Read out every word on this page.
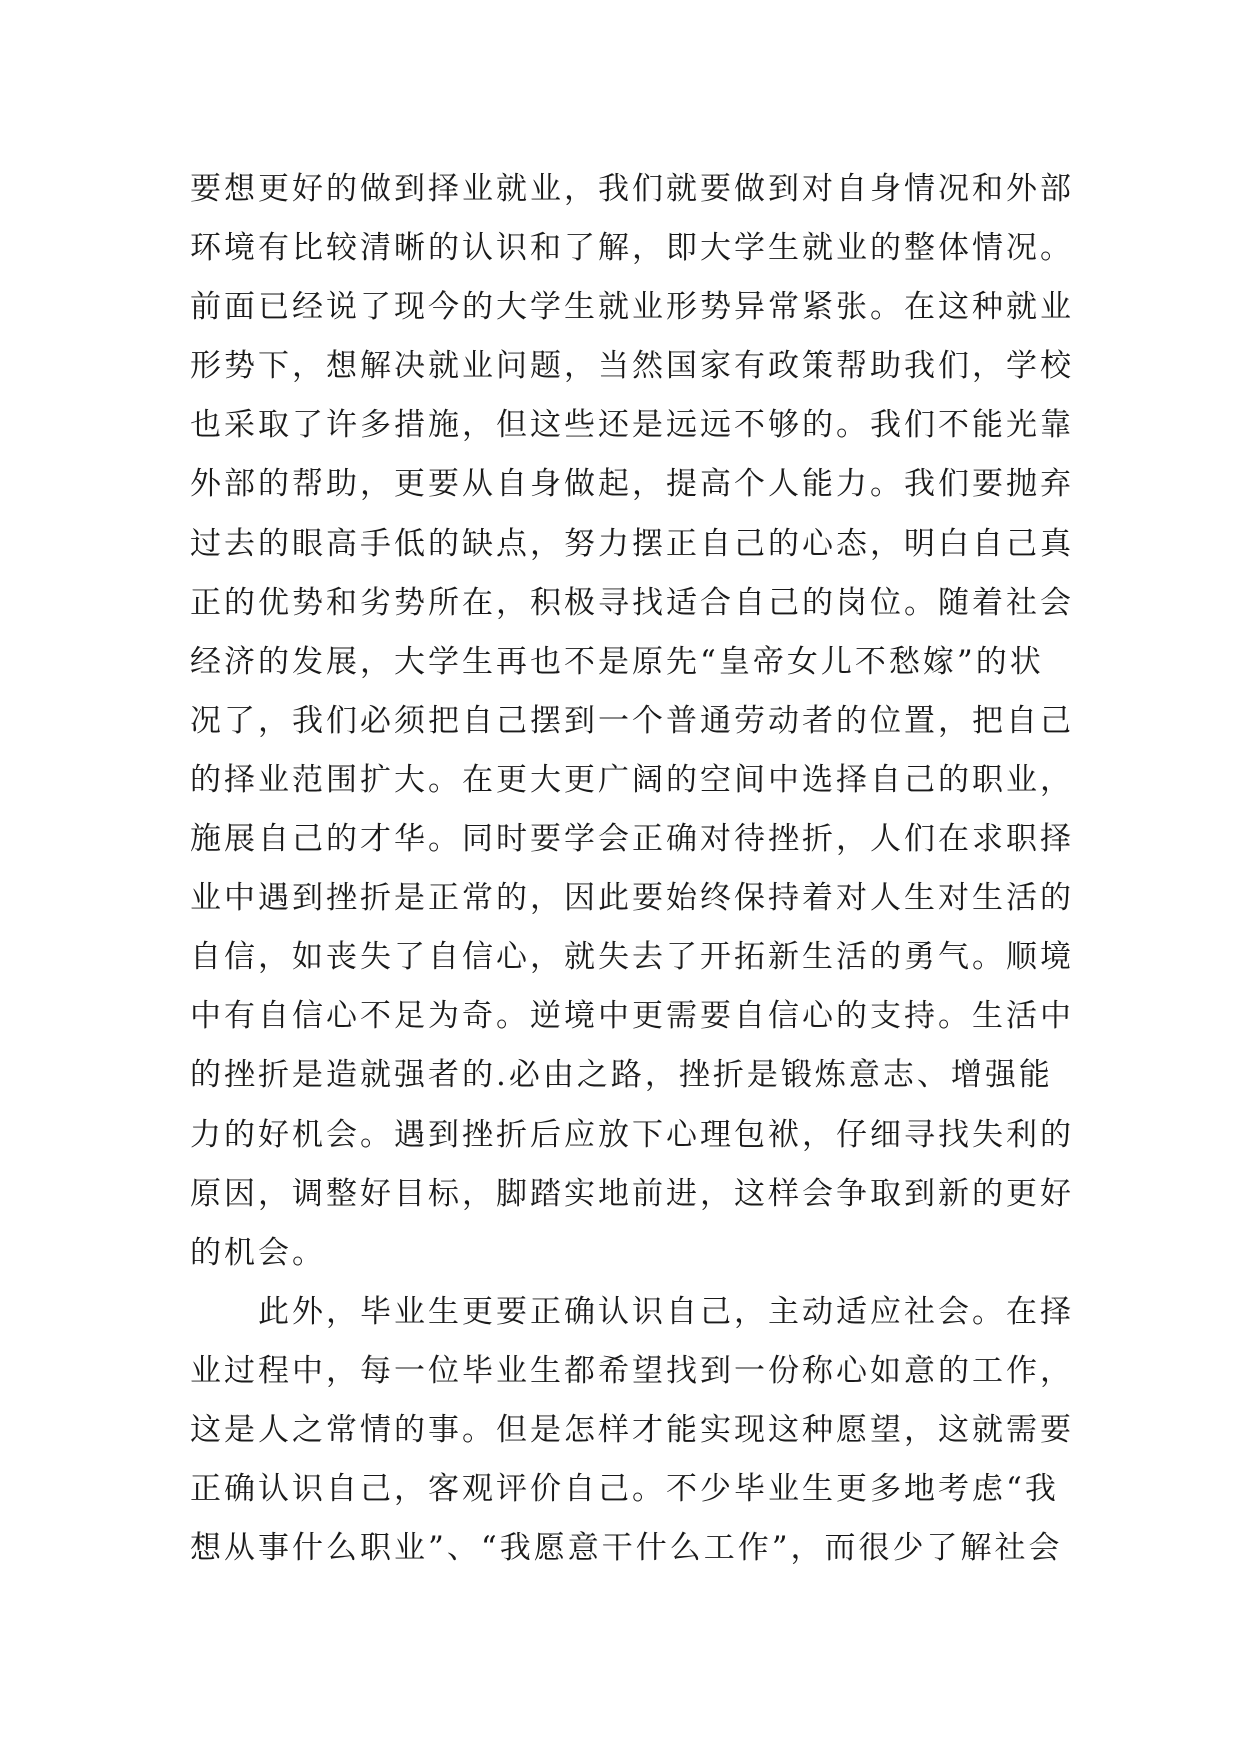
要想更好的做到择业就业，我们就要做到对自身情况和外部
环境有比较清晰的认识和了解，即大学生就业的整体情况。
前面已经说了现今的大学生就业形势异常紧张。在这种就业
形势下，想解决就业问题，当然国家有政策帮助我们，学校
也采取了许多措施，但这些还是远远不够的。我们不能光靠
外部的帮助，更要从自身做起，提高个人能力。我们要抛弃
过去的眼高手低的缺点，努力摆正自己的心态，明白自己真
正的优势和劣势所在，积极寻找适合自己的岗位。随着社会
经济的发展，大学生再也不是原先“皇帝女儿不愁嫁”的状
况了，我们必须把自己摆到一个普通劳动者的位置，把自己
的择业范围扩大。在更大更广阔的空间中选择自己的职业，
施展自己的才华。同时要学会正确对待挫折，人们在求职择
业中遇到挫折是正常的，因此要始终保持着对人生对生活的
自信，如丧失了自信心，就失去了开拓新生活的勇气。顺境
中有自信心不足为奇。逆境中更需要自信心的支持。生活中
的挫折是造就强者的.必由之路，挫折是锻炼意志、增强能
力的好机会。遇到挫折后应放下心理包袱，仔细寻找失利的
原因，调整好目标，脚踏实地前进，这样会争取到新的更好
的机会。
此外，毕业生更要正确认识自己，主动适应社会。在择
业过程中，每一位毕业生都希望找到一份称心如意的工作，
这是人之常情的事。但是怎样才能实现这种愿望，这就需要
正确认识自己，客观评价自己。不少毕业生更多地考虑“我
想从事什么职业”、“我愿意干什么工作”，而很少了解社会
